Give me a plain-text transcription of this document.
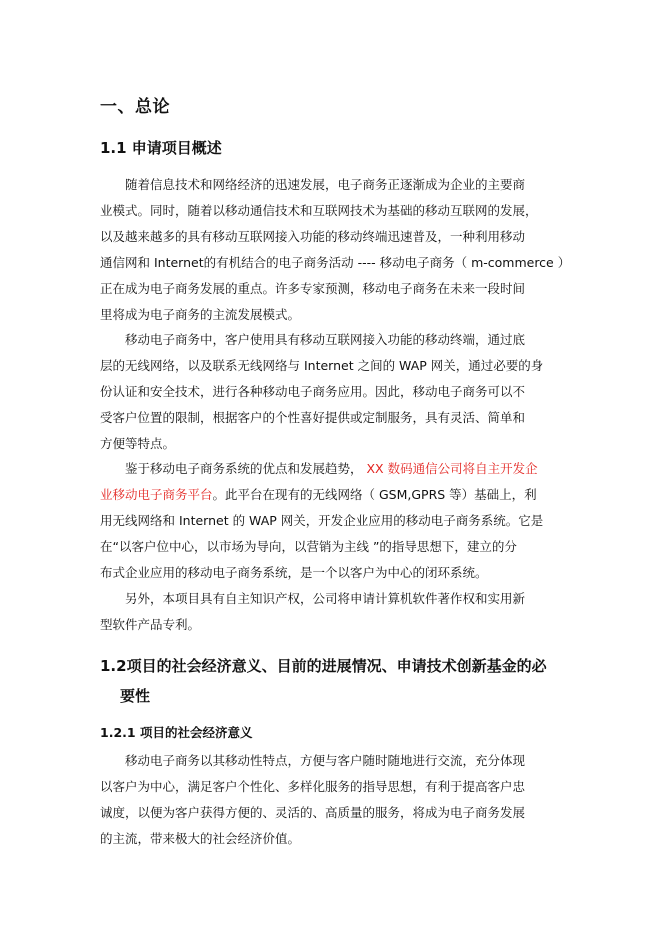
一、总论
1.1 申请项目概述

随着信息技术和网络经济的迅速发展，电子商务正逐渐成为企业的主要商

业模式。同时，随着以移动通信技术和互联网技术为基础的移动互联网的发展，

以及越来越多的具有移动互联网接入功能的移动终端迅速普及，一种利用移动

通信网和 Internet的有机结合的电子商务活动 ---- 移动电子商务（ m-commerce ）

正在成为电子商务发展的重点。许多专家预测，移动电子商务在未来一段时间

里将成为电子商务的主流发展模式。

移动电子商务中，客户使用具有移动互联网接入功能的移动终端，通过底

层的无线网络，以及联系无线网络与 Internet 之间的 WAP 网关，通过必要的身

份认证和安全技术，进行各种移动电子商务应用。因此，移动电子商务可以不

受客户位置的限制，根据客户的个性喜好提供或定制服务，具有灵活、简单和

方便等特点。

鉴于移动电子商务系统的优点和发展趋势， XX 数码通信公司将自主开发企

业移动电子商务平台。此平台在现有的无线网络（ GSM,GPRS 等）基础上，利

用无线网络和 Internet 的 WAP 网关，开发企业应用的移动电子商务系统。它是

在“以客户位中心，以市场为导向，以营销为主线 ”的指导思想下，建立的分

布式企业应用的移动电子商务系统，是一个以客户为中心的闭环系统。

另外，本项目具有自主知识产权，公司将申请计算机软件著作权和实用新

型软件产品专利。

1.2项目的社会经济意义、目前的进展情况、申请技术创新基金的必

要性

1.2.1 项目的社会经济意义

移动电子商务以其移动性特点，方便与客户随时随地进行交流，充分体现

以客户为中心，满足客户个性化、多样化服务的指导思想，有利于提高客户忠

诚度，以便为客户获得方便的、灵活的、高质量的服务，将成为电子商务发展

的主流，带来极大的社会经济价值。
